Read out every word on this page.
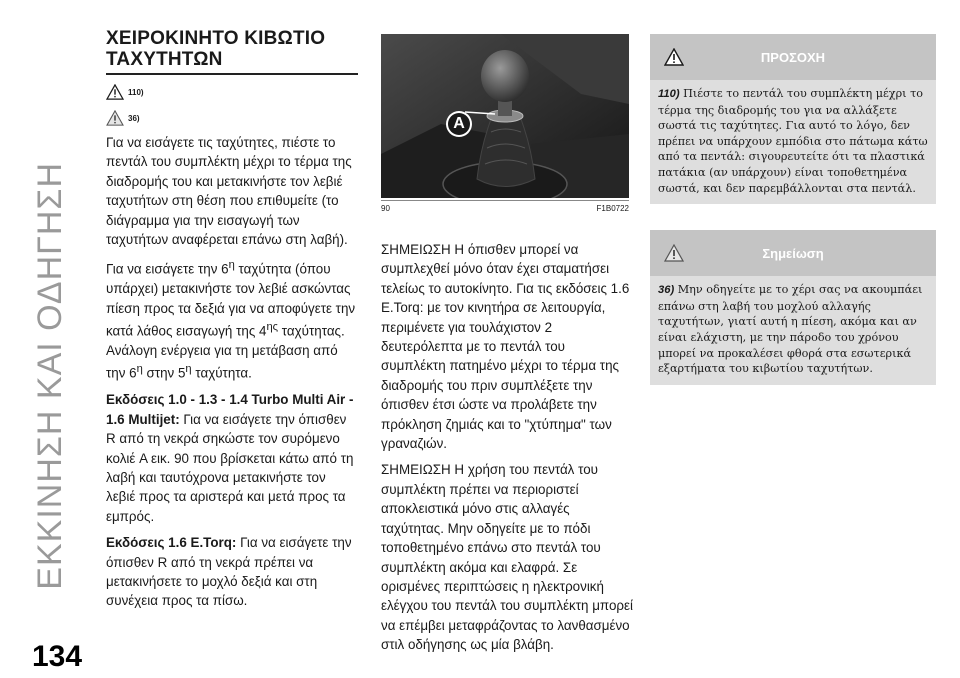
ΕΚΚΙΝΗΣΗ ΚΑΙ ΟΔΗΓΗΣΗ
134
ΧΕΙΡΟΚΙΝΗΤΟ ΚΙΒΩΤΙΟ
ΤΑΧΥΤΗΤΩΝ
110)
36)

Για να εισάγετε τις ταχύτητες, πιέστε το πεντάλ του συμπλέκτη μέχρι το τέρμα της διαδρομής του και μετακινήστε τον λεβιέ ταχυτήτων στη θέση που επιθυμείτε (το διάγραμμα για την εισαγωγή των ταχυτήτων αναφέρεται επάνω στη λαβή).

Για να εισάγετε την $6^\eta$ ταχύτητα (όπου υπάρχει) μετακινήστε τον λεβιέ ασκώντας πίεση προς τα δεξιά για να αποφύγετε την κατά λάθος εισαγωγή της $4^{\eta\varsigma}$ ταχύτητας. Ανάλογη ενέργεια για τη μετάβαση από την $6^\eta$ στην $5^\eta$ ταχύτητα.

Εκδόσεις 1.0 - 1.3 - 1.4 Turbo Multi Air - 1.6 Multijet: Για να εισάγετε την όπισθεν R από τη νεκρά σηκώστε τον συρόμενο κολιέ A εικ. 90 που βρίσκεται κάτω από τη λαβή και ταυτόχρονα μετακινήστε τον λεβιέ προς τα αριστερά και μετά προς τα εμπρός.

Εκδόσεις 1.6 E.Torq: Για να εισάγετε την όπισθεν R από τη νεκρά πρέπει να μετακινήσετε το μοχλό δεξιά και στη συνέχεια προς τα πίσω.

A
90	F1B0722

ΣΗΜΕΙΩΣΗ Η όπισθεν μπορεί να συμπλεχθεί μόνο όταν έχει σταματήσει τελείως το αυτοκίνητο. Για τις εκδόσεις 1.6 E.Torq: με τον κινητήρα σε λειτουργία, περιμένετε για τουλάχιστον 2 δευτερόλεπτα με το πεντάλ του συμπλέκτη πατημένο μέχρι το τέρμα της διαδρομής του πριν συμπλέξετε την όπισθεν έτσι ώστε να προλάβετε την πρόκληση ζημιάς και το "χτύπημα" των γραναζιών.

ΣΗΜΕΙΩΣΗ Η χρήση του πεντάλ του συμπλέκτη πρέπει να περιοριστεί αποκλειστικά μόνο στις αλλαγές ταχύτητας. Μην οδηγείτε με το πόδι τοποθετημένο επάνω στο πεντάλ του συμπλέκτη ακόμα και ελαφρά. Σε ορισμένες περιπτώσεις η ηλεκτρονική ελέγχου του πεντάλ του συμπλέκτη μπορεί να επέμβει μεταφράζοντας το λανθασμένο στιλ οδήγησης ως μία βλάβη.

ΠΡΟΣΟΧΗ
110) Πιέστε το πεντάλ του συμπλέκτη μέχρι το τέρμα της διαδρομής του για να αλλάξετε σωστά τις ταχύτητες. Για αυτό το λόγο, δεν πρέπει να υπάρχουν εμπόδια στο πάτωμα κάτω από τα πεντάλ: σιγουρευτείτε ότι τα πλαστικά πατάκια (αν υπάρχουν) είναι τοποθετημένα σωστά, και δεν παρεμβάλλονται στα πεντάλ.
Σημείωση
36) Μην οδηγείτε με το χέρι σας να ακουμπάει επάνω στη λαβή του μοχλού αλλαγής ταχυτήτων, γιατί αυτή η πίεση, ακόμα και αν είναι ελάχιστη, με την πάροδο του χρόνου μπορεί να προκαλέσει φθορά στα εσωτερικά εξαρτήματα του κιβωτίου ταχυτήτων.
